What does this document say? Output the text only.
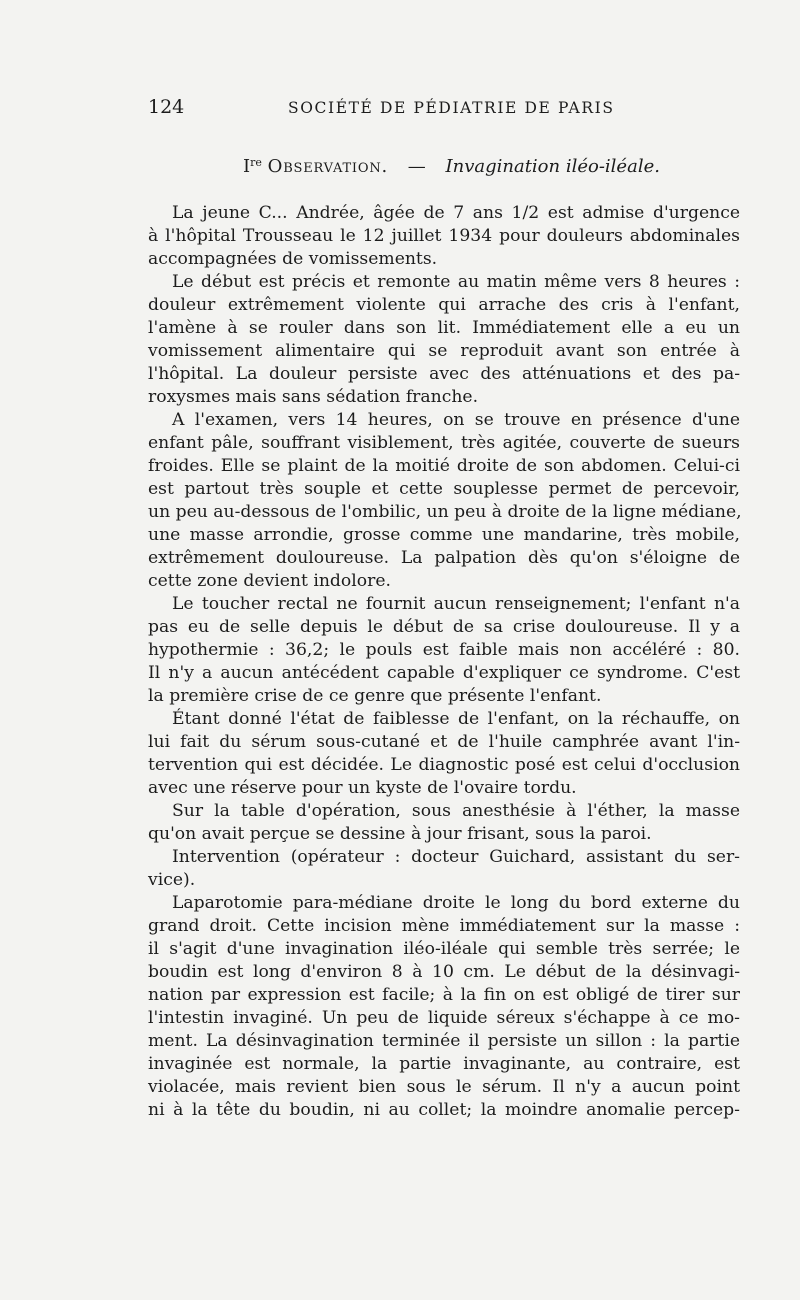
124	SOCIÉTÉ DE PÉDIATRIE DE PARIS
Ire Observation. — Invagination iléo-iléale.
La jeune C... Andrée, âgée de 7 ans 1/2 est admise d'urgence
à l'hôpital Trousseau le 12 juillet 1934 pour douleurs abdominales
accompagnées de vomissements.
Le début est précis et remonte au matin même vers 8 heures :
douleur extrêmement violente qui arrache des cris à l'enfant,
l'amène à se rouler dans son lit. Immédiatement elle a eu un
vomissement alimentaire qui se reproduit avant son entrée à
l'hôpital. La douleur persiste avec des atténuations et des pa-
roxysmes mais sans sédation franche.
A l'examen, vers 14 heures, on se trouve en présence d'une
enfant pâle, souffrant visiblement, très agitée, couverte de sueurs
froides. Elle se plaint de la moitié droite de son abdomen. Celui-ci
est partout très souple et cette souplesse permet de percevoir,
un peu au-dessous de l'ombilic, un peu à droite de la ligne médiane,
une masse arrondie, grosse comme une mandarine, très mobile,
extrêmement douloureuse. La palpation dès qu'on s'éloigne de
cette zone devient indolore.
Le toucher rectal ne fournit aucun renseignement; l'enfant n'a
pas eu de selle depuis le début de sa crise douloureuse. Il y a
hypothermie : 36,2; le pouls est faible mais non accéléré : 80.
Il n'y a aucun antécédent capable d'expliquer ce syndrome. C'est
la première crise de ce genre que présente l'enfant.
Étant donné l'état de faiblesse de l'enfant, on la réchauffe, on
lui fait du sérum sous-cutané et de l'huile camphrée avant l'in-
tervention qui est décidée. Le diagnostic posé est celui d'occlusion
avec une réserve pour un kyste de l'ovaire tordu.
Sur la table d'opération, sous anesthésie à l'éther, la masse
qu'on avait perçue se dessine à jour frisant, sous la paroi.
Intervention (opérateur : docteur Guichard, assistant du ser-
vice).
Laparotomie para-médiane droite le long du bord externe du
grand droit. Cette incision mène immédiatement sur la masse :
il s'agit d'une invagination iléo-iléale qui semble très serrée; le
boudin est long d'environ 8 à 10 cm. Le début de la désinvagi-
nation par expression est facile; à la fin on est obligé de tirer sur
l'intestin invaginé. Un peu de liquide séreux s'échappe à ce mo-
ment. La désinvagination terminée il persiste un sillon : la partie
invaginée est normale, la partie invaginante, au contraire, est
violacée, mais revient bien sous le sérum. Il n'y a aucun point
ni à la tête du boudin, ni au collet; la moindre anomalie percep-
